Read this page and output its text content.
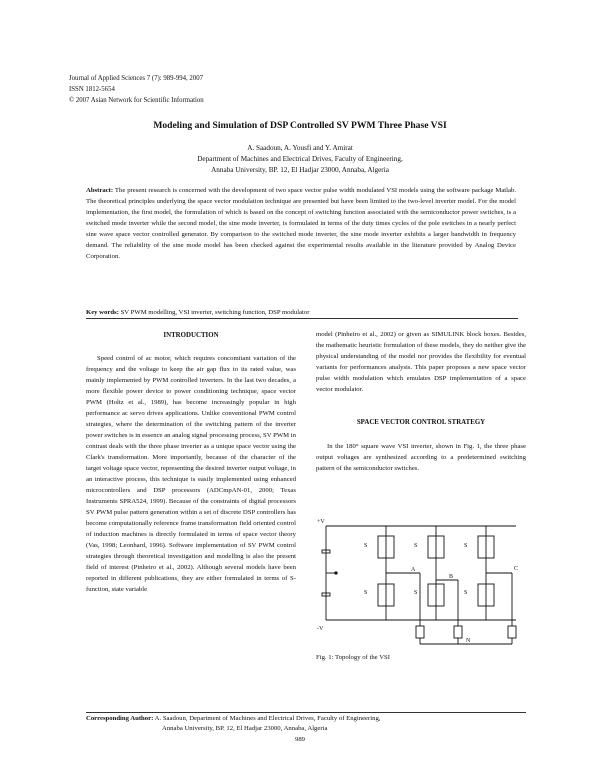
Journal of Applied Sciences 7 (7): 989-994, 2007
ISSN 1812-5654
© 2007 Asian Network for Scientific Information
Modeling and Simulation of DSP Controlled SV PWM Three Phase VSI
A. Saadoun, A. Yousfi and Y. Amirat
Department of Machines and Electrical Drives, Faculty of Engineering,
Annaba University, BP. 12, El Hadjar 23000, Annaba, Algeria
Abstract: The present research is concerned with the development of two space vector pulse width modulated VSI models using the software package Matlab. The theoretical principles underlying the space vector modulation technique are presented but have been limited to the two-level inverter model. For the model implementation, the first model, the formulation of which is based on the concept of switching function associated with the semiconductor power switches, is a switched mode inverter while the second model, the sine mode inverter, is formulated in terms of the duty times cycles of the pole switches in a nearly perfect sine wave space vector controlled generator. By comparison to the switched mode inverter, the sine mode inverter exhibits a larger bandwidth in frequency demand. The reliability of the sine mode model has been checked against the experimental results available in the literature provided by Analog Device Corporation.
Key words: SV PWM modelling, VSI inverter, switching function, DSP modulator
INTRODUCTION

Speed control of ac motor, which requires concomitant variation of the frequency and the voltage to keep the air gap flux to its rated value, was mainly implemented by PWM controlled inverters. In the last two decades, a more flexible power device to power conditioning technique, space vector PWM (Holtz et al., 1989), has become increasingly popular in high performance ac servo drives applications. Unlike conventional PWM control strategies, where the determination of the switching pattern of the inverter power switches is in essence an analog signal processing process, SV PWM in contrast deals with the three phase inverter as a unique space vector using the Clark's transformation. More importantly, because of the character of the target voltage space vector, representing the desired inverter output voltage, in an interactive process, this technique is easily implemented using enhanced microcontrollers and DSP processors (ADCmpAN-01, 2000; Texas Instruments SPRA524, 1999). Because of the constraints of digital processors SV PWM pulse pattern generation within a set of discrete DSP controllers has become computationally reference frame transformation field oriented control of induction machines is directly formulated in terms of space vector theory (Vas, 1998; Leonhard, 1996). Software implementation of SV PWM control strategies through theoretical investigation and modelling is also the present field of interest (Pinheiro et al., 2002). Although several models have been reported in different publications, they are either formulated in terms of S-function, state variable

model (Pinheiro et al., 2002) or given as SIMULINK block boxes. Besides, the mathematic heuristic formulation of these models, they do neither give the physical understanding of the model nor provides the flexibility for eventual variants for performances analysis. This paper proposes a new space vector pulse width modulation which emulates DSP implementation of a space vector modulator.

SPACE VECTOR CONTROL STRATEGY

In the 180° square wave VSI inverter, shown in Fig. 1, the three phase output voltages are synthesized according to a predetermined switching pattern of the semiconductor switches.

+V
-V
S
S
S
S
S
S
A
B
C
N
Fig. 1: Topology of the VSI
Corresponding Author: A. Saadoun, Department of Machines and Electrical Drives, Faculty of Engineering,
Annaba University, BP. 12, El Hadjar 23000, Annaba, Algeria
989
